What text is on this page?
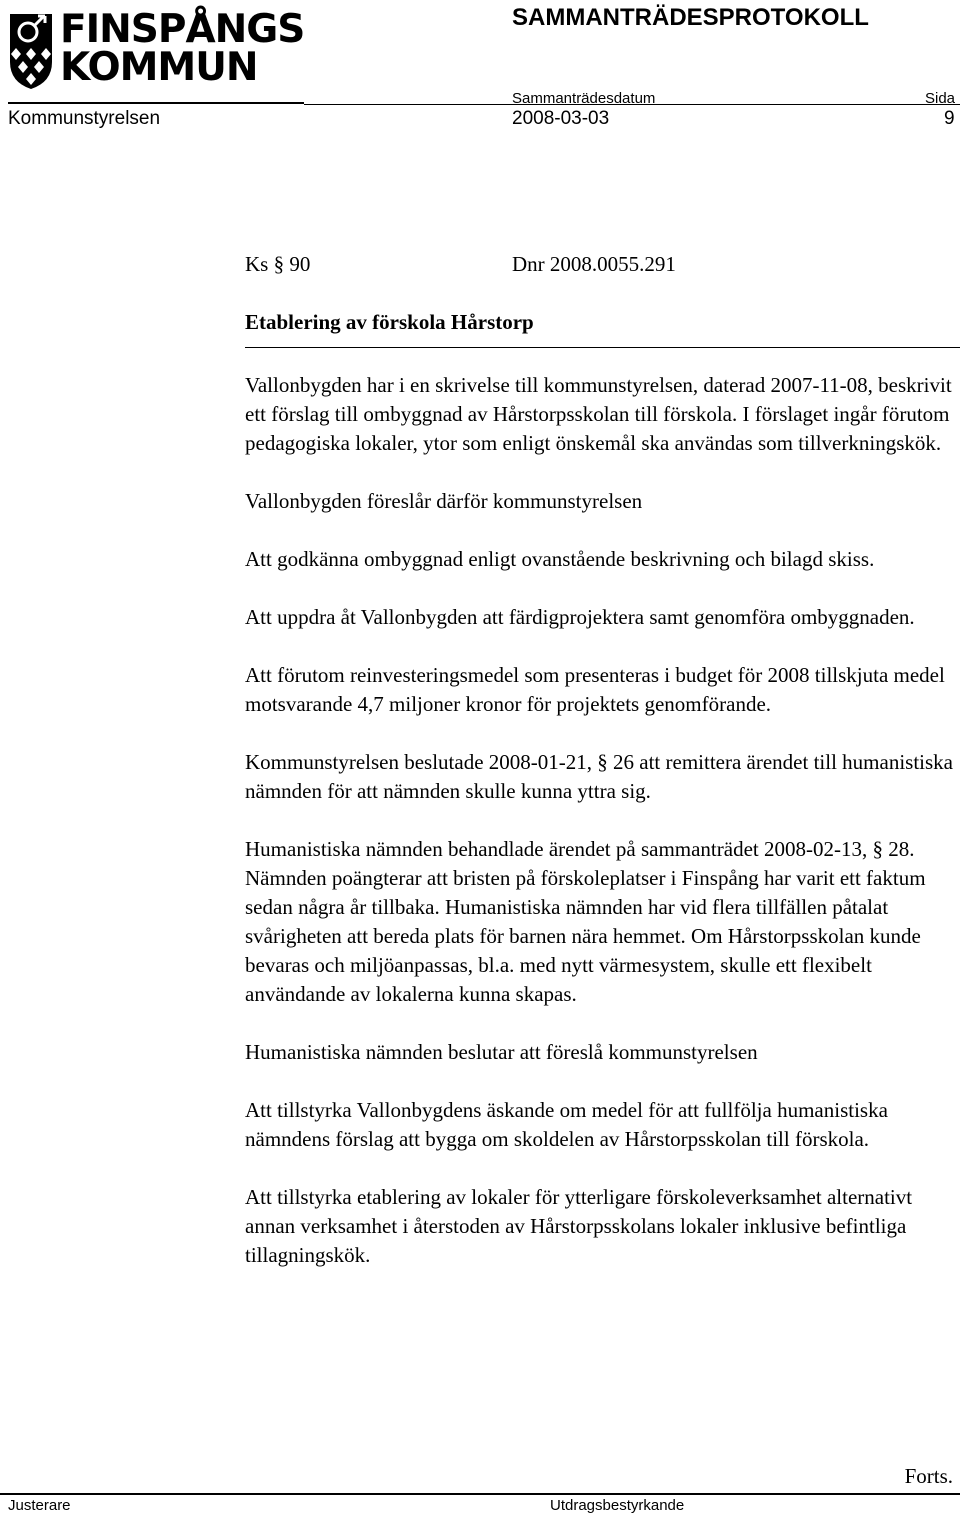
FINSPÅNGS
KOMMUN
SAMMANTRÄDESPROTOKOLL
Sammanträdesdatum	Sida
Kommunstyrelsen	2008-03-03	9
Ks § 90	Dnr 2008.0055.291
Etablering av förskola Hårstorp

Vallonbygden har i en skrivelse till kommunstyrelsen, daterad 2007-11-08, beskrivit ett förslag till ombyggnad av Hårstorpsskolan till förskola. I förslaget ingår förutom pedagogiska lokaler, ytor som enligt önskemål ska användas som tillverkningskök.

Vallonbygden föreslår därför kommunstyrelsen

Att godkänna ombyggnad enligt ovanstående beskrivning och bilagd skiss.

Att uppdra åt Vallonbygden att färdigprojektera samt genomföra ombyggnaden.

Att förutom reinvesteringsmedel som presenteras i budget för 2008 tillskjuta medel motsvarande 4,7 miljoner kronor för projektets genomförande.

Kommunstyrelsen beslutade 2008-01-21, § 26 att remittera ärendet till humanistiska nämnden för att nämnden skulle kunna yttra sig.

Humanistiska nämnden behandlade ärendet på sammanträdet 2008-02-13, § 28. Nämnden poängterar att bristen på förskoleplatser i Finspång har varit ett faktum sedan några år tillbaka. Humanistiska nämnden har vid flera tillfällen påtalat svårigheten att bereda plats för barnen nära hemmet. Om Hårstorpsskolan kunde bevaras och miljöanpassas, bl.a. med nytt värmesystem, skulle ett flexibelt användande av lokalerna kunna skapas.

Humanistiska nämnden beslutar att föreslå kommunstyrelsen

Att tillstyrka Vallonbygdens äskande om medel för att fullfölja humanistiska nämndens förslag att bygga om skoldelen av Hårstorpsskolan till förskola.

Att tillstyrka etablering av lokaler för ytterligare förskoleverksamhet alternativt annan verksamhet i återstoden av Hårstorpsskolans lokaler inklusive befintliga tillagningskök.

Forts.
Justerare	Utdragsbestyrkande
